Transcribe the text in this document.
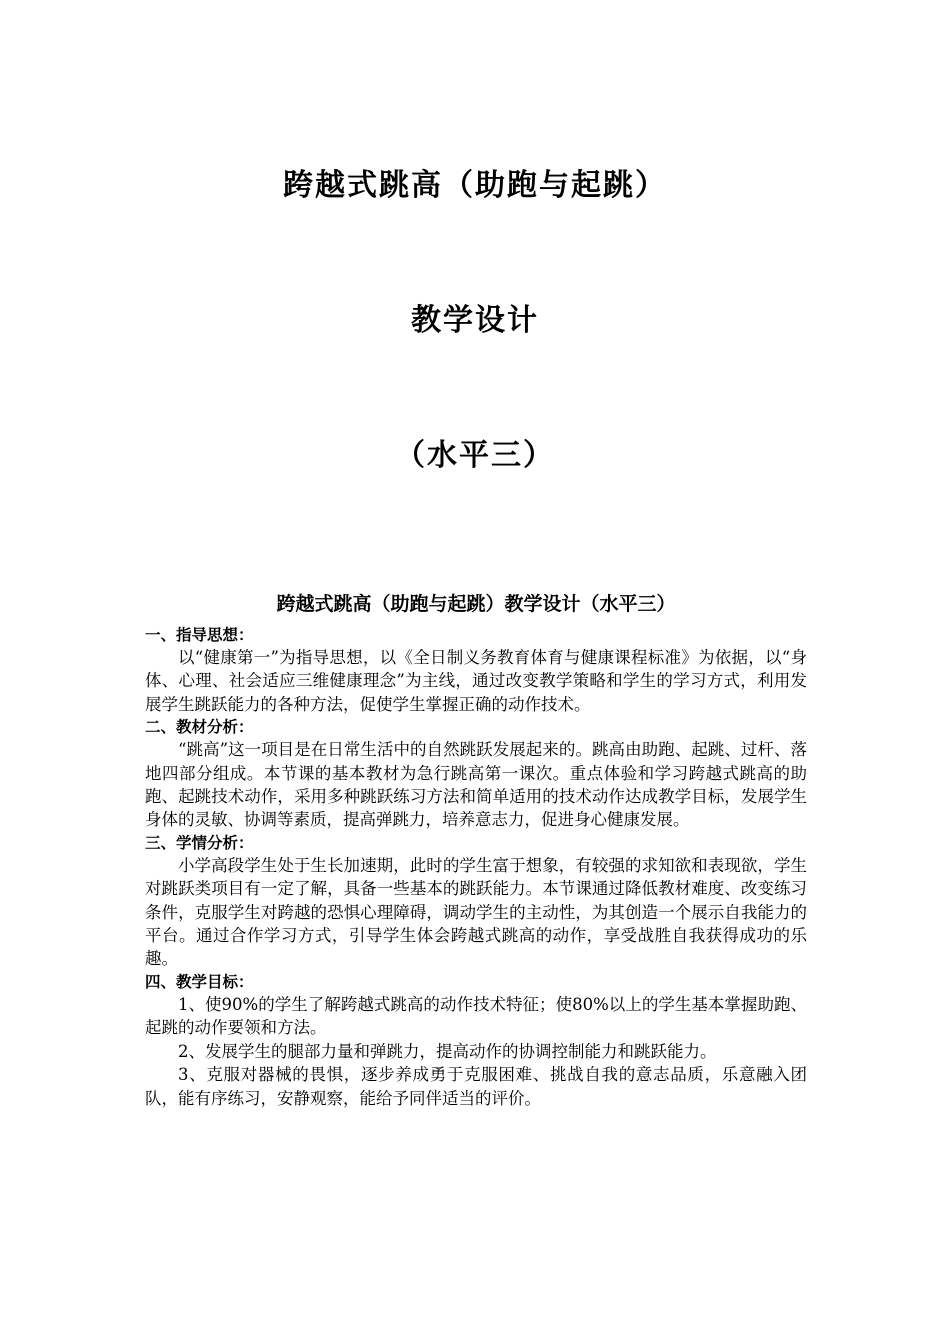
跨越式跳高（助跑与起跳）
教学设计
（水平三）
跨越式跳高（助跑与起跳）教学设计（水平三）
一、指导思想：

以“健康第一”为指导思想，以《全日制义务教育体育与健康课程标准》为依据，以“身体、心理、社会适应三维健康理念”为主线，通过改变教学策略和学生的学习方式，利用发展学生跳跃能力的各种方法，促使学生掌握正确的动作技术。

二、教材分析：

“跳高”这一项目是在日常生活中的自然跳跃发展起来的。跳高由助跑、起跳、过杆、落地四部分组成。本节课的基本教材为急行跳高第一课次。重点体验和学习跨越式跳高的助跑、起跳技术动作，采用多种跳跃练习方法和简单适用的技术动作达成教学目标，发展学生身体的灵敏、协调等素质，提高弹跳力，培养意志力，促进身心健康发展。

三、学情分析：

小学高段学生处于生长加速期，此时的学生富于想象，有较强的求知欲和表现欲，学生对跳跃类项目有一定了解，具备一些基本的跳跃能力。本节课通过降低教材难度、改变练习条件，克服学生对跨越的恐惧心理障碍，调动学生的主动性，为其创造一个展示自我能力的平台。通过合作学习方式，引导学生体会跨越式跳高的动作，享受战胜自我获得成功的乐趣。

四、教学目标：

1、使90%的学生了解跨越式跳高的动作技术特征；使80%以上的学生基本掌握助跑、起跳的动作要领和方法。

2、发展学生的腿部力量和弹跳力，提高动作的协调控制能力和跳跃能力。

3、克服对器械的畏惧，逐步养成勇于克服困难、挑战自我的意志品质，乐意融入团队，能有序练习，安静观察，能给予同伴适当的评价。
